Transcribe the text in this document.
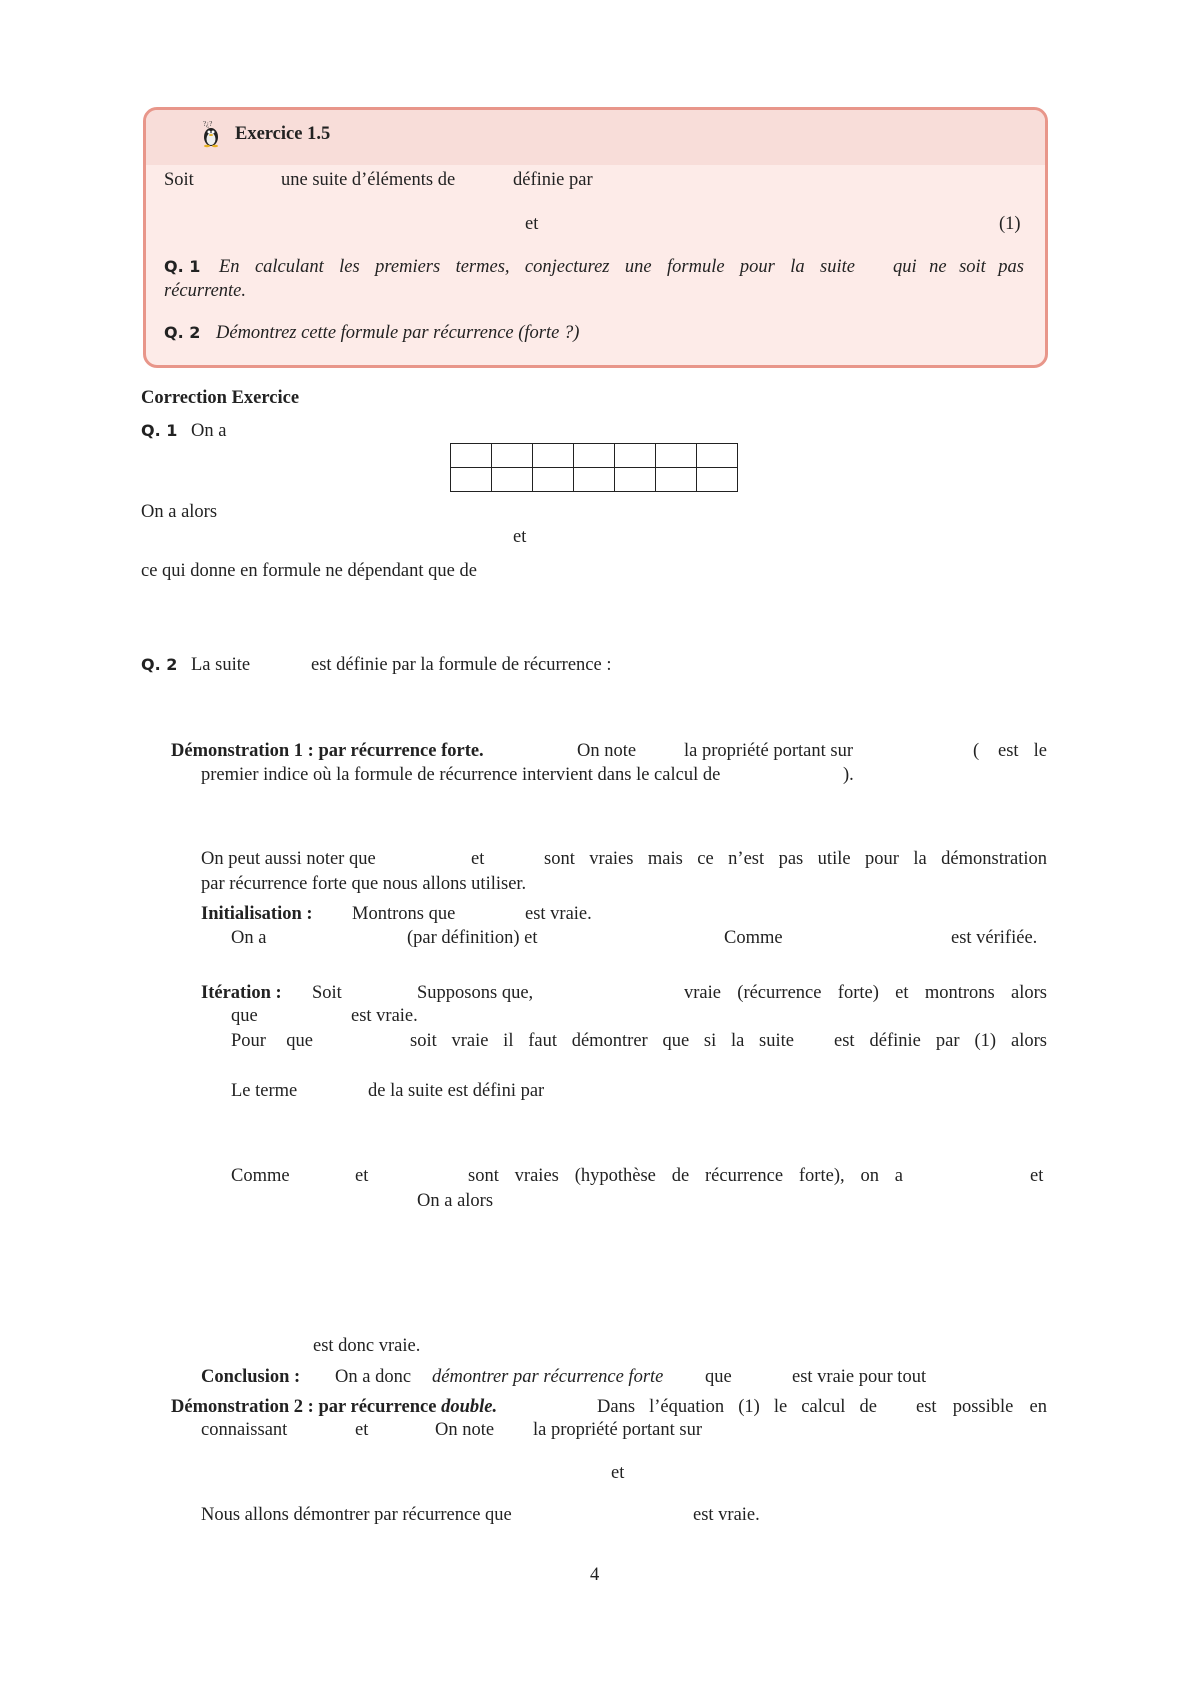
?¿? Exercice 1.5
Soit	une suite d’éléments de	définie par
et	(1)
Q. 1 En calculant les premiers termes, conjecturez une formule pour la suite qui ne soit pas
récurrente.
Q. 2 Démontrez cette formule par récurrence (forte ?)
Correction Exercice
Q. 1 On a

On a alors
et
ce qui donne en formule ne dépendant que de
Q. 2 La suite	est définie par la formule de récurrence :
Démonstration 1 : par récurrence forte.	On note	la propriété portant sur	( est le
premier indice où la formule de récurrence intervient dans le calcul de	).
On peut aussi noter que	et	sont vraies mais ce n’est pas utile pour la démonstration
par récurrence forte que nous allons utiliser.
Initialisation : Montrons que	est vraie.
On a	(par définition) et	Comme	est vérifiée.
Itération : Soit	Supposons que,	vraie (récurrence forte) et montrons alors
que	est vraie.
Pour que	soit vraie il faut démontrer que si la suite est définie par (1) alors
Le terme	de la suite est défini par
Comme	et	sont vraies (hypothèse de récurrence forte), on a	et
On a alors
est donc vraie.
Conclusion : On a donc démontrer par récurrence forte que	est vraie pour tout
Démonstration 2 : par récurrence double.	Dans l’équation (1) le calcul de est possible en
connaissant	et	On note la propriété portant sur
et
Nous allons démontrer par récurrence que	est vraie.
4
